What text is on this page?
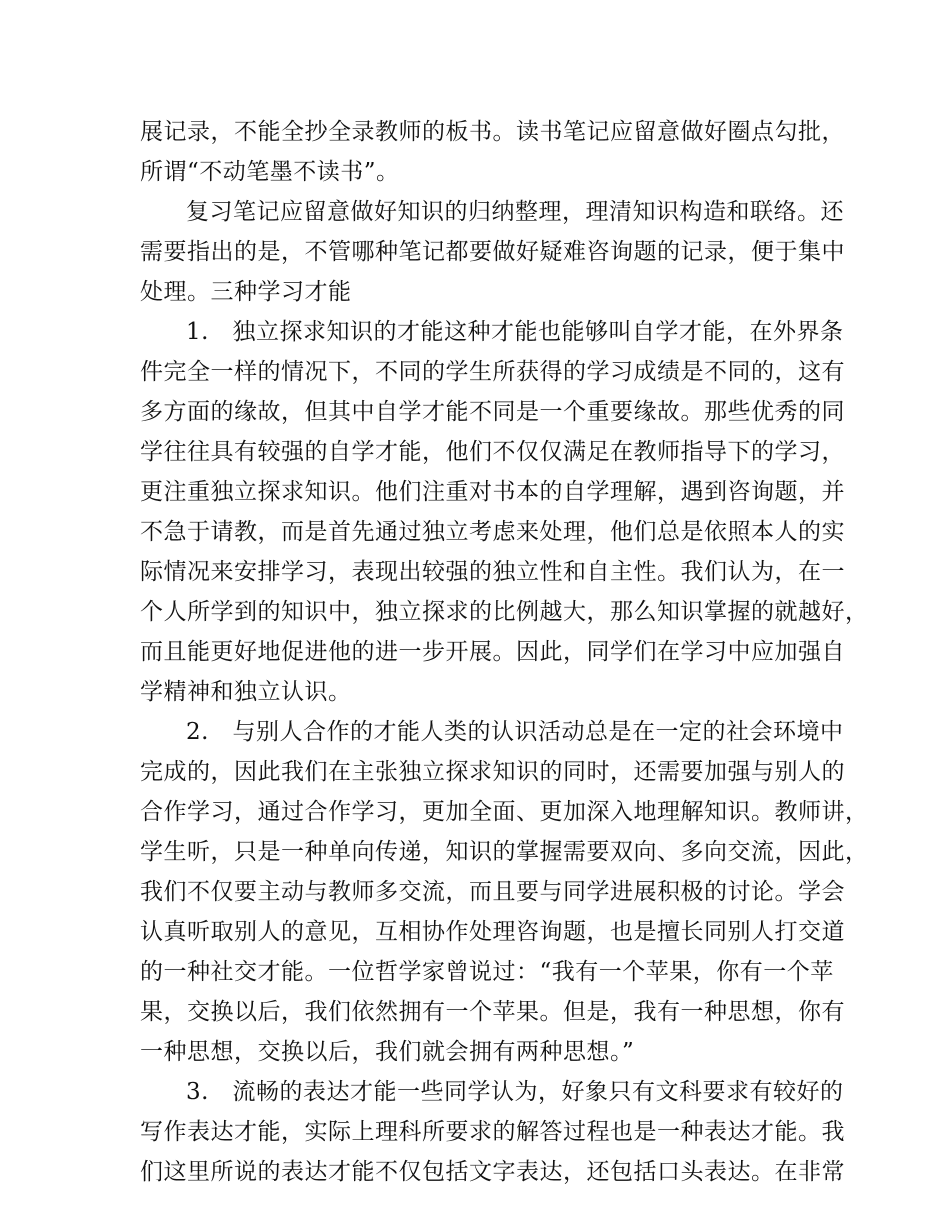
展记录，不能全抄全录教师的板书。读书笔记应留意做好圈点勾批，
所谓“不动笔墨不读书”。
复习笔记应留意做好知识的归纳整理，理清知识构造和联络。还
需要指出的是，不管哪种笔记都要做好疑难咨询题的记录，便于集中
处理。三种学习才能
1.　独立探求知识的才能这种才能也能够叫自学才能，在外界条
件完全一样的情况下，不同的学生所获得的学习成绩是不同的，这有
多方面的缘故，但其中自学才能不同是一个重要缘故。那些优秀的同
学往往具有较强的自学才能，他们不仅仅满足在教师指导下的学习，
更注重独立探求知识。他们注重对书本的自学理解，遇到咨询题，并
不急于请教，而是首先通过独立考虑来处理，他们总是依照本人的实
际情况来安排学习，表现出较强的独立性和自主性。我们认为，在一
个人所学到的知识中，独立探求的比例越大，那么知识掌握的就越好，
而且能更好地促进他的进一步开展。因此，同学们在学习中应加强自
学精神和独立认识。
2.　与别人合作的才能人类的认识活动总是在一定的社会环境中
完成的，因此我们在主张独立探求知识的同时，还需要加强与别人的
合作学习，通过合作学习，更加全面、更加深入地理解知识。教师讲，
学生听，只是一种单向传递，知识的掌握需要双向、多向交流，因此，
我们不仅要主动与教师多交流，而且要与同学进展积极的讨论。学会
认真听取别人的意见，互相协作处理咨询题，也是擅长同别人打交道
的一种社交才能。一位哲学家曾说过：“我有一个苹果，你有一个苹
果，交换以后，我们依然拥有一个苹果。但是，我有一种思想，你有
一种思想，交换以后，我们就会拥有两种思想。”
3.　流畅的表达才能一些同学认为，好象只有文科要求有较好的
写作表达才能，实际上理科所要求的解答过程也是一种表达才能。我
们这里所说的表达才能不仅包括文字表达，还包括口头表达。在非常
